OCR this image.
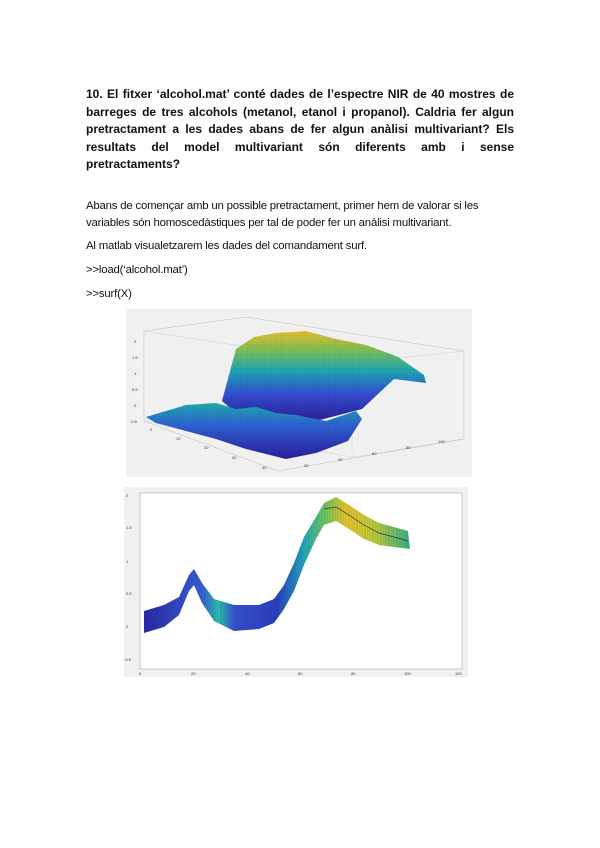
10. El fitxer ‘alcohol.mat’ conté dades de l’espectre NIR de 40 mostres de barreges de tres alcohols (metanol, etanol i propanol). Caldria fer algun pretractament a les dades abans de fer algun anàlisi multivariant? Els resultats del model multivariant són diferents amb i sense pretractaments?

Abans de començar amb un possible pretractament, primer hem de valorar si les variables són homoscedàstiques per tal de poder fer un anàlisi multivariant.

Al matlab visualetzarem les dades del comandament surf.

>>load(‘alcohol.mat’)

>>surf(X)

2
1.5
1
0.5
0
-0.5
0
10
20
30
40	20
40
60
80
100
2
1.5
1
0.5
0
-0.5
0	20	40	60	80	100	120
